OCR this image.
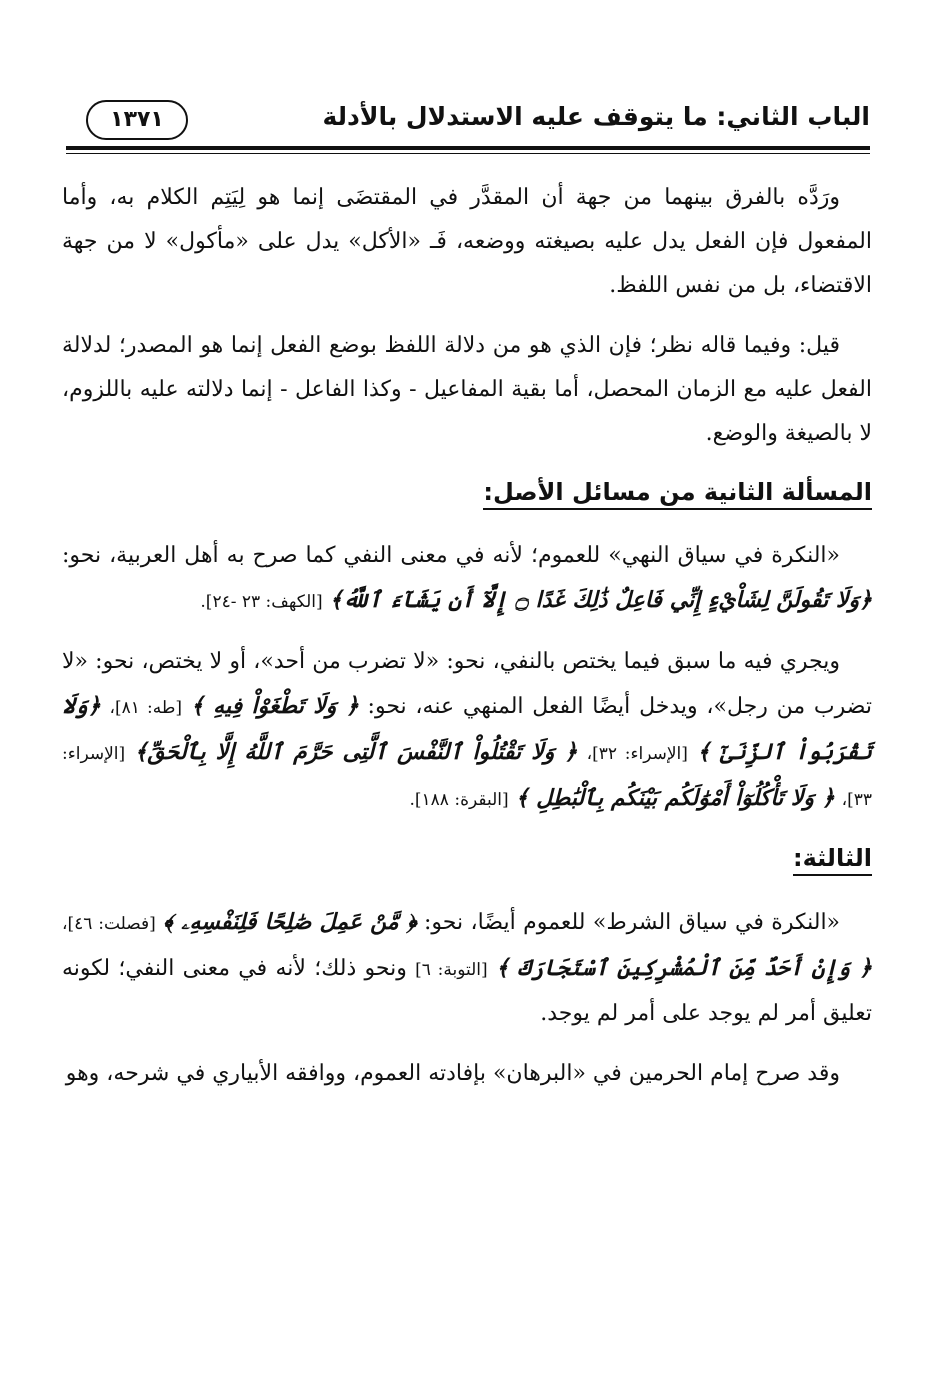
الباب الثاني: ما يتوقف عليه الاستدلال بالأدلة
١٣٧١

ورَدَّه بالفرق بينهما من جهة أن المقدَّر في المقتضَى إنما هو لِيَتِم الكلام به، وأما المفعول فإن الفعل يدل عليه بصيغته ووضعه، فَـ «الأكل» يدل على «مأكول» لا من جهة الاقتضاء، بل من نفس اللفظ.

قيل: وفيما قاله نظر؛ فإن الذي هو من دلالة اللفظ بوضع الفعل إنما هو المصدر؛ لدلالة الفعل عليه مع الزمان المحصل، أما بقية المفاعيل - وكذا الفاعل - إنما دلالته عليه باللزوم، لا بالصيغة والوضع.

المسألة الثانية من مسائل الأصل:

«النكرة في سياق النهي» للعموم؛ لأنه في معنى النفي كما صرح به أهل العربية، نحو: ﴿وَلَا تَقُولَنَّ لِشَاْيْءٍ إِنِّي فَاعِلٌ ذَٰلِكَ غَدًا ۝ إِلَّآ أَن يَشَآءَ ٱللَّهُ﴾ [الكهف: ٢٣ -٢٤].

ويجري فيه ما سبق فيما يختص بالنفي، نحو: «لا تضرب من أحد»، أو لا يختص، نحو: «لا تضرب من رجل»، ويدخل أيضًا الفعل المنهي عنه، نحو: ﴿ وَلَا تَطْغَوْاْ فِيهِ ﴾ [طه: ٨١]، ﴿وَلَا تَقْرَبُواْ ٱلزِّنَىٰٓ ﴾ [الإسراء: ٣٢]، ﴿ وَلَا تَقْتُلُواْ ٱلنَّفْسَ ٱلَّتِى حَرَّمَ ٱللَّهُ إِلَّا بِٱلْحَقِّ﴾ [الإسراء: ٣٣]، ﴿ وَلَا تَأْكُلُوٓاْ أَمْوَٰلَكُم بَيْنَكُم بِٱلْبَٰطِلِ ﴾ [البقرة: ١٨٨].

الثالثة:

«النكرة في سياق الشرط» للعموم أيضًا، نحو: ﴿ مَّنْ عَمِلَ صَٰلِحًا فَلِنَفْسِهِۦ ﴾ [فصلت: ٤٦]، ﴿ وَإِنْ أَحَدٌ مِّنَ ٱلْمُشْرِكِينَ ٱسْتَجَارَكَ ﴾ [التوبة: ٦] ونحو ذلك؛ لأنه في معنى النفي؛ لكونه تعليق أمر لم يوجد على أمر لم يوجد.

وقد صرح إمام الحرمين في «البرهان» بإفادته العموم، ووافقه الأبياري في شرحه، وهو
